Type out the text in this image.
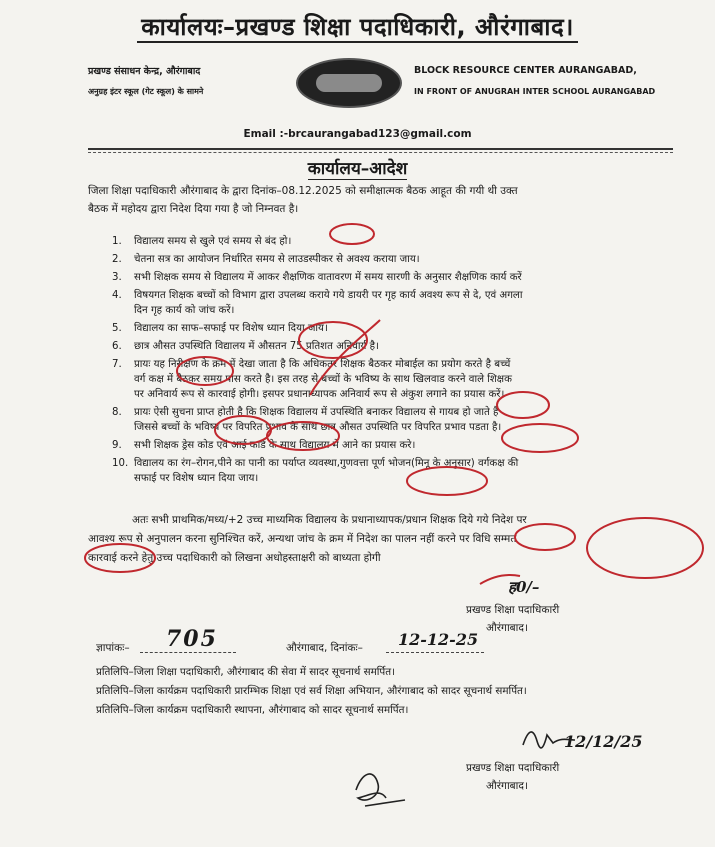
कार्यालयः–प्रखण्ड शिक्षा पदाधिकारी, औरंगाबाद।
प्रखण्ड संसाधन केन्द्र, औरंगाबाद
अनुग्रह इंटर स्कूल (गेट स्कूल) के सामने
BLOCK RESOURCE CENTER AURANGABAD,
IN FRONT OF ANUGRAH INTER SCHOOL AURANGABAD
Email :-brcaurangabad123@gmail.com
कार्यालय–आदेश
जिला शिक्षा पदाधिकारी औरंगाबाद के द्वारा दिनांक–08.12.2025 को समीक्षात्मक बैठक आहूत की गयी थी उक्त
बैठक में महोदय द्वारा निदेश दिया गया है जो निम्नवत है।
1. विद्यालय समय से खुले एवं समय से बंद हो।
2. चेतना सत्र का आयोजन निर्धारित समय से लाउडस्पीकर से अवश्य कराया जाय।
3. सभी शिक्षक समय से विद्यालय में आकर शैक्षणिक वातावरण में समय सारणी के अनुसार शैक्षणिक कार्य करें
4. विषयगत शिक्षक बच्चों को विभाग द्वारा उपलब्ध कराये गये डायरी पर गृह कार्य अवश्य रूप से दे, एवं अगला
दिन गृह कार्य को जांच करें।
5. विद्यालय का साफ–सफाई पर विशेष ध्यान दिया जाय।
6. छात्र औसत उपस्थिति विद्यालय में औसतन 75 प्रतिशत अनिवार्य है।
7. प्रायः यह निरीक्षण के क्रम में देखा जाता है कि अधिकतर शिक्षक बैठकर मोबाईल का प्रयोग करते है बच्चें
वर्ग कक्ष में बैठकर समय पास करते है। इस तरह से बच्चों के भविष्य के साथ खिलवाड करने वाले शिक्षक
पर अनिवार्य रूप से कारवाई होगी। इसपर प्रधानाध्यापक अनिवार्य रूप से अंकुश लगाने का प्रयास करें।
8. प्रायः ऐसी सुचना प्राप्त होती है कि शिक्षक विद्यालय में उपस्थिति बनाकर विद्यालय से गायब हो जाते है
जिससे बच्चों के भविष्य पर विपरित प्रभाव के साथ छात्र औसत उपस्थिति पर विपरित प्रभाव पडता है।
9. सभी शिक्षक ड्रेस कोड एवं आई कार्ड के साथ विद्यालय में आने का प्रयास करे।
10. विद्यालय का रंग–रोगन,पीने का पानी का पर्याप्त व्यवस्था,गुणवत्ता पूर्ण भोजन(मिनू के अनुसार) वर्गकक्ष की
सफाई पर विशेष ध्यान दिया जाय।
अतः सभी प्राथमिक/मध्य/+2 उच्च माध्यमिक विद्यालय के प्रधानाध्यापक/प्रधान शिक्षक दिये गये निदेश पर
आवश्य रूप से अनुपालन करना सुनिश्चित करें, अन्यथा जांच के क्रम में निदेश का पालन नहीं करने पर विधि सम्मत
कारवाई करने हेतु उच्च पदाधिकारी को लिखना अधोहस्ताक्षरी को बाध्यता होगी
ह0/–
प्रखण्ड शिक्षा पदाधिकारी
औरंगाबाद।
ज्ञापांकः– 705	औरंगाबाद, दिनांकः– 12-12-25
प्रतिलिपि–जिला शिक्षा पदाधिकारी, औरंगाबाद की सेवा में सादर सूचनार्थ समर्पित।
प्रतिलिपि–जिला कार्यक्रम पदाधिकारी प्रारम्भिक शिक्षा एवं सर्व शिक्षा अभियान, औरंगाबाद को सादर सूचनार्थ समर्पित।
प्रतिलिपि–जिला कार्यक्रम पदाधिकारी स्थापना, औरंगाबाद को सादर सूचनार्थ समर्पित।
12/12/25
प्रखण्ड शिक्षा पदाधिकारी
औरंगाबाद।
